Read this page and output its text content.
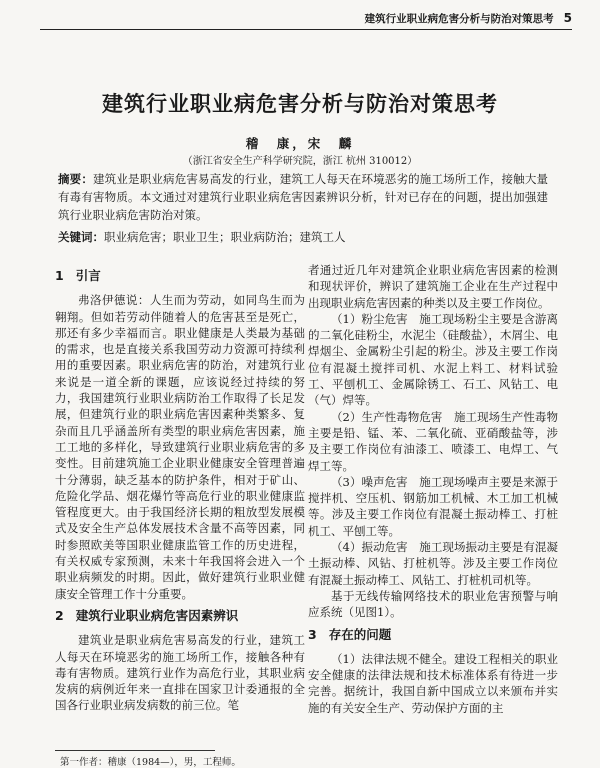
建筑行业职业病危害分析与防治对策思考 5
建筑行业职业病危害分析与防治对策思考
稽　康，宋　麟
（浙江省安全生产科学研究院，浙江 杭州 310012）
摘要：建筑业是职业病危害易高发的行业，建筑工人每天在环境恶劣的施工场所工作，接触大量有毒有害物质。本文通过对建筑行业职业病危害因素辨识分析，针对已存在的问题，提出加强建筑行业职业病危害防治对策。
关键词：职业病危害；职业卫生；职业病防治；建筑工人
1 引言

弗洛伊德说：人生而为劳动，如同鸟生而为翱翔。但如若劳动伴随着人的危害甚至是死亡，那还有多少幸福而言。职业健康是人类最为基础的需求，也是直接关系我国劳动力资源可持续利用的重要因素。职业病危害的防治，对建筑行业来说是一道全新的课题，应该说经过持续的努力，我国建筑行业职业病防治工作取得了长足发展，但建筑行业的职业病危害因素种类繁多、复杂而且几乎涵盖所有类型的职业病危害因素，施工工地的多样化，导致建筑行业职业病危害的多变性。目前建筑施工企业职业健康安全管理普遍十分薄弱，缺乏基本的防护条件，相对于矿山、危险化学品、烟花爆竹等高危行业的职业健康监管程度更大。由于我国经济长期的粗放型发展模式及安全生产总体发展技术含量不高等因素，同时参照欧美等国职业健康监管工作的历史进程，有关权威专家预测，未来十年我国将会进入一个职业病频发的时期。因此，做好建筑行业职业健康安全管理工作十分重要。

2 建筑行业职业病危害因素辨识

建筑业是职业病危害易高发的行业，建筑工人每天在环境恶劣的施工场所工作，接触各种有毒有害物质。建筑行业作为高危行业，其职业病发病的病例近年来一直排在国家卫计委通报的全国各行业职业病发病数的前三位。笔

者通过近几年对建筑企业职业病危害因素的检测和现状评价，辨识了建筑施工企业在生产过程中出现职业病危害因素的种类以及主要工作岗位。

（1）粉尘危害　施工现场粉尘主要是含游离的二氧化硅粉尘，水泥尘（硅酸盐），木屑尘、电焊烟尘、金属粉尘引起的粉尘。涉及主要工作岗位有混凝土搅拌司机、水泥上料工、材料试验工、平刨机工、金属除锈工、石工、风钻工、电（气）焊等。

（2）生产性毒物危害　施工现场生产性毒物主要是铅、锰、苯、二氧化硫、亚硝酸盐等，涉及主要工作岗位有油漆工、喷漆工、电焊工、气焊工等。

（3）噪声危害　施工现场噪声主要是来源于搅拌机、空压机、钢筋加工机械、木工加工机械等。涉及主要工作岗位有混凝土振动棒工、打桩机工、平刨工等。

（4）振动危害　施工现场振动主要是有混凝土振动棒、风钻、打桩机等。涉及主要工作岗位有混凝土振动棒工、风钻工、打桩机司机等。

基于无线传输网络技术的职业危害预警与响应系统（见图1）。

3 存在的问题

（1）法律法规不健全。建设工程相关的职业安全健康的法律法规和技术标准体系有待进一步完善。据统计，我国自新中国成立以来颁布并实施的有关安全生产、劳动保护方面的主

第一作者：稽康（1984—），男，工程师。
